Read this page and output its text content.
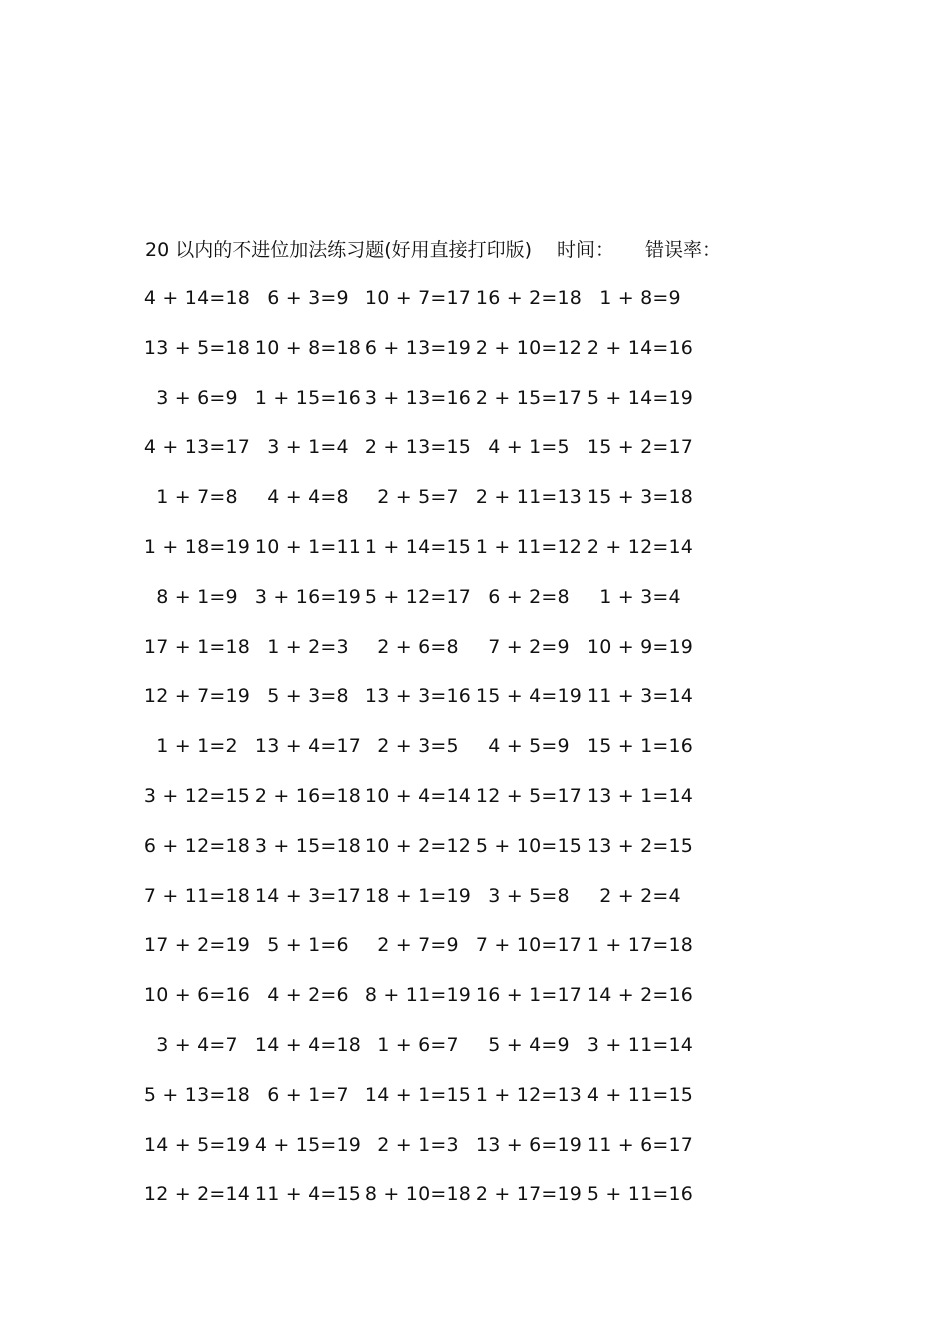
20 以内的不进位加法练习题(好用直接打印版) 时间： 错误率：
4 + 14=18 6 + 3=9 10 + 7=17 16 + 2=18 1 + 8=9
13 + 5=18 10 + 8=18 6 + 13=19 2 + 10=12 2 + 14=16
3 + 6=9 1 + 15=16 3 + 13=16 2 + 15=17 5 + 14=19
4 + 13=17 3 + 1=4 2 + 13=15 4 + 1=5 15 + 2=17
1 + 7=8	4 + 4=8	2 + 5=7 2 + 11=13 15 + 3=18
1 + 18=19 10 + 1=11 1 + 14=15 1 + 11=12 2 + 12=14
8 + 1=9 3 + 16=19 5 + 12=17 6 + 2=8	1 + 3=4
17 + 1=18 1 + 2=3	2 + 6=8	7 + 2=9 10 + 9=19
12 + 7=19 5 + 3=8 13 + 3=16 15 + 4=19 11 + 3=14
1 + 1=2 13 + 4=17 2 + 3=5	4 + 5=9 15 + 1=16
3 + 12=15 2 + 16=18 10 + 4=14 12 + 5=17 13 + 1=14
6 + 12=18 3 + 15=18 10 + 2=12 5 + 10=15 13 + 2=15
7 + 11=18 14 + 3=17 18 + 1=19 3 + 5=8	2 + 2=4
17 + 2=19 5 + 1=6	2 + 7=9 7 + 10=17 1 + 17=18
10 + 6=16 4 + 2=6 8 + 11=19 16 + 1=17 14 + 2=16
3 + 4=7 14 + 4=18 1 + 6=7	5 + 4=9 3 + 11=14
5 + 13=18 6 + 1=7 14 + 1=15 1 + 12=13 4 + 11=15
14 + 5=19 4 + 15=19 2 + 1=3 13 + 6=19 11 + 6=17
12 + 2=14 11 + 4=15 8 + 10=18 2 + 17=19 5 + 11=16
